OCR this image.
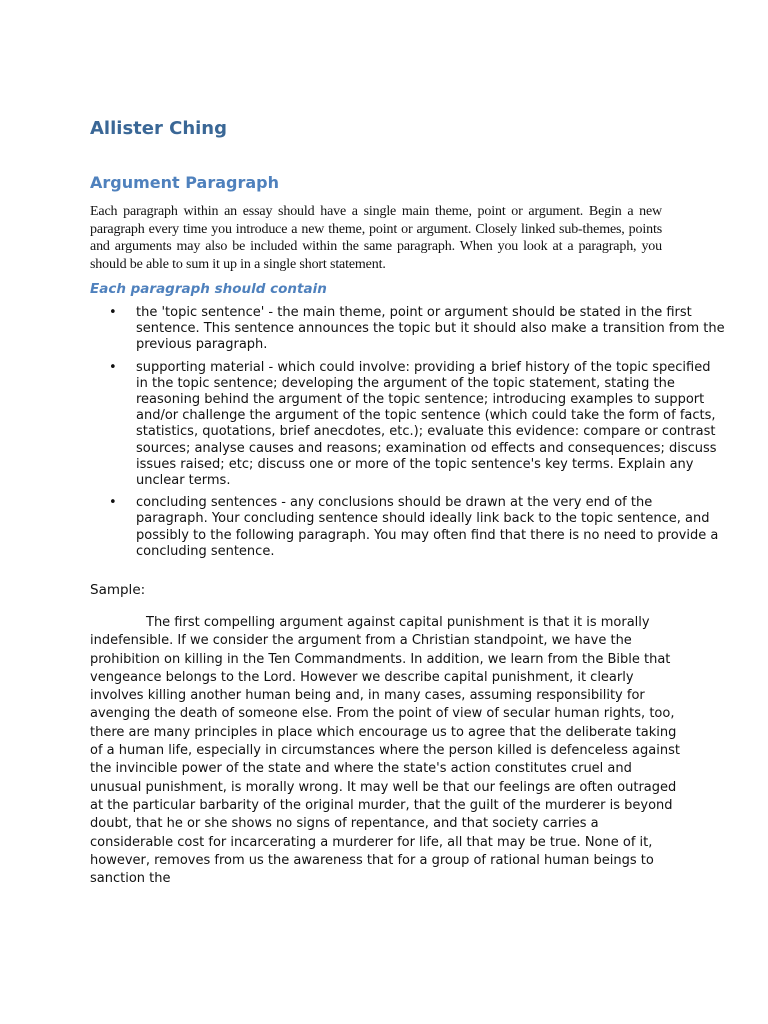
Allister Ching
Argument Paragraph

Each paragraph within an essay should have a single main theme, point or argument. Begin a new paragraph every time you introduce a new theme, point or argument. Closely linked sub-themes, points and arguments may also be included within the same paragraph. When you look at a paragraph, you should be able to sum it up in a single short statement.

Each paragraph should contain
• the 'topic sentence' - the main theme, point or argument should be stated in the first sentence. This sentence announces the topic but it should also make a transition from the previous paragraph.
• supporting material - which could involve: providing a brief history of the topic specified in the topic sentence; developing the argument of the topic statement, stating the reasoning behind the argument of the topic sentence; introducing examples to support and/or challenge the argument of the topic sentence (which could take the form of facts, statistics, quotations, brief anecdotes, etc.); evaluate this evidence: compare or contrast sources; analyse causes and reasons; examination od effects and consequences; discuss issues raised; etc; discuss one or more of the topic sentence's key terms. Explain any unclear terms.
• concluding sentences - any conclusions should be drawn at the very end of the paragraph. Your concluding sentence should ideally link back to the topic sentence, and possibly to the following paragraph. You may often find that there is no need to provide a concluding sentence.

Sample:

The first compelling argument against capital punishment is that it is morally indefensible. If we consider the argument from a Christian standpoint, we have the prohibition on killing in the Ten Commandments. In addition, we learn from the Bible that vengeance belongs to the Lord. However we describe capital punishment, it clearly involves killing another human being and, in many cases, assuming responsibility for avenging the death of someone else. From the point of view of secular human rights, too, there are many principles in place which encourage us to agree that the deliberate taking of a human life, especially in circumstances where the person killed is defenceless against the invincible power of the state and where the state's action constitutes cruel and unusual punishment, is morally wrong. It may well be that our feelings are often outraged at the particular barbarity of the original murder, that the guilt of the murderer is beyond doubt, that he or she shows no signs of repentance, and that society carries a considerable cost for incarcerating a murderer for life, all that may be true. None of it, however, removes from us the awareness that for a group of rational human beings to sanction the
